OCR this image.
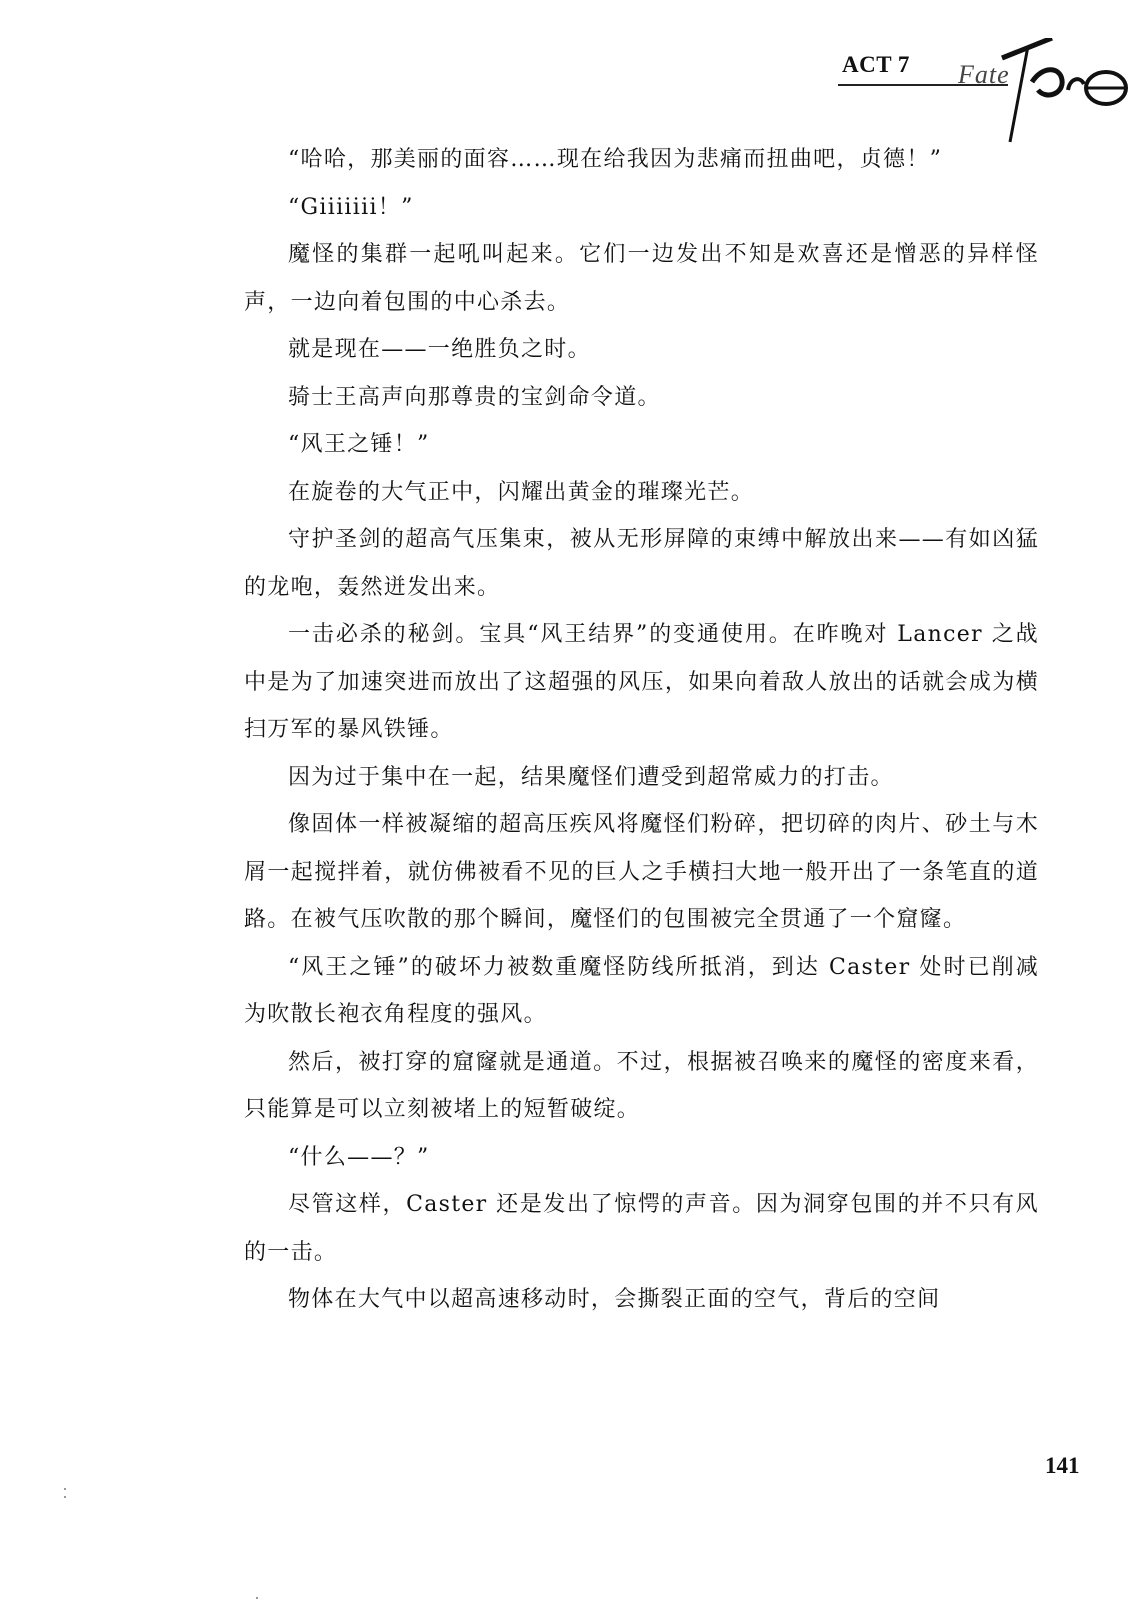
ACT 7 Fate

“哈哈，那美丽的面容……现在给我因为悲痛而扭曲吧，贞德！”

“Giiiiiii！”

魔怪的集群一起吼叫起来。它们一边发出不知是欢喜还是憎恶的异样怪声，一边向着包围的中心杀去。

就是现在——一绝胜负之时。

骑士王高声向那尊贵的宝剑命令道。

“风王之锤！”

在旋卷的大气正中，闪耀出黄金的璀璨光芒。

守护圣剑的超高气压集束，被从无形屏障的束缚中解放出来——有如凶猛的龙咆，轰然迸发出来。

一击必杀的秘剑。宝具“风王结界”的变通使用。在昨晚对 Lancer 之战中是为了加速突进而放出了这超强的风压，如果向着敌人放出的话就会成为横扫万军的暴风铁锤。

因为过于集中在一起，结果魔怪们遭受到超常威力的打击。

像固体一样被凝缩的超高压疾风将魔怪们粉碎，把切碎的肉片、砂土与木屑一起搅拌着，就仿佛被看不见的巨人之手横扫大地一般开出了一条笔直的道路。在被气压吹散的那个瞬间，魔怪们的包围被完全贯通了一个窟窿。

“风王之锤”的破坏力被数重魔怪防线所抵消，到达 Caster 处时已削减为吹散长袍衣角程度的强风。

然后，被打穿的窟窿就是通道。不过，根据被召唤来的魔怪的密度来看，只能算是可以立刻被堵上的短暂破绽。

“什么——？”

尽管这样，Caster 还是发出了惊愕的声音。因为洞穿包围的并不只有风的一击。

物体在大气中以超高速移动时，会撕裂正面的空气，背后的空间

141
